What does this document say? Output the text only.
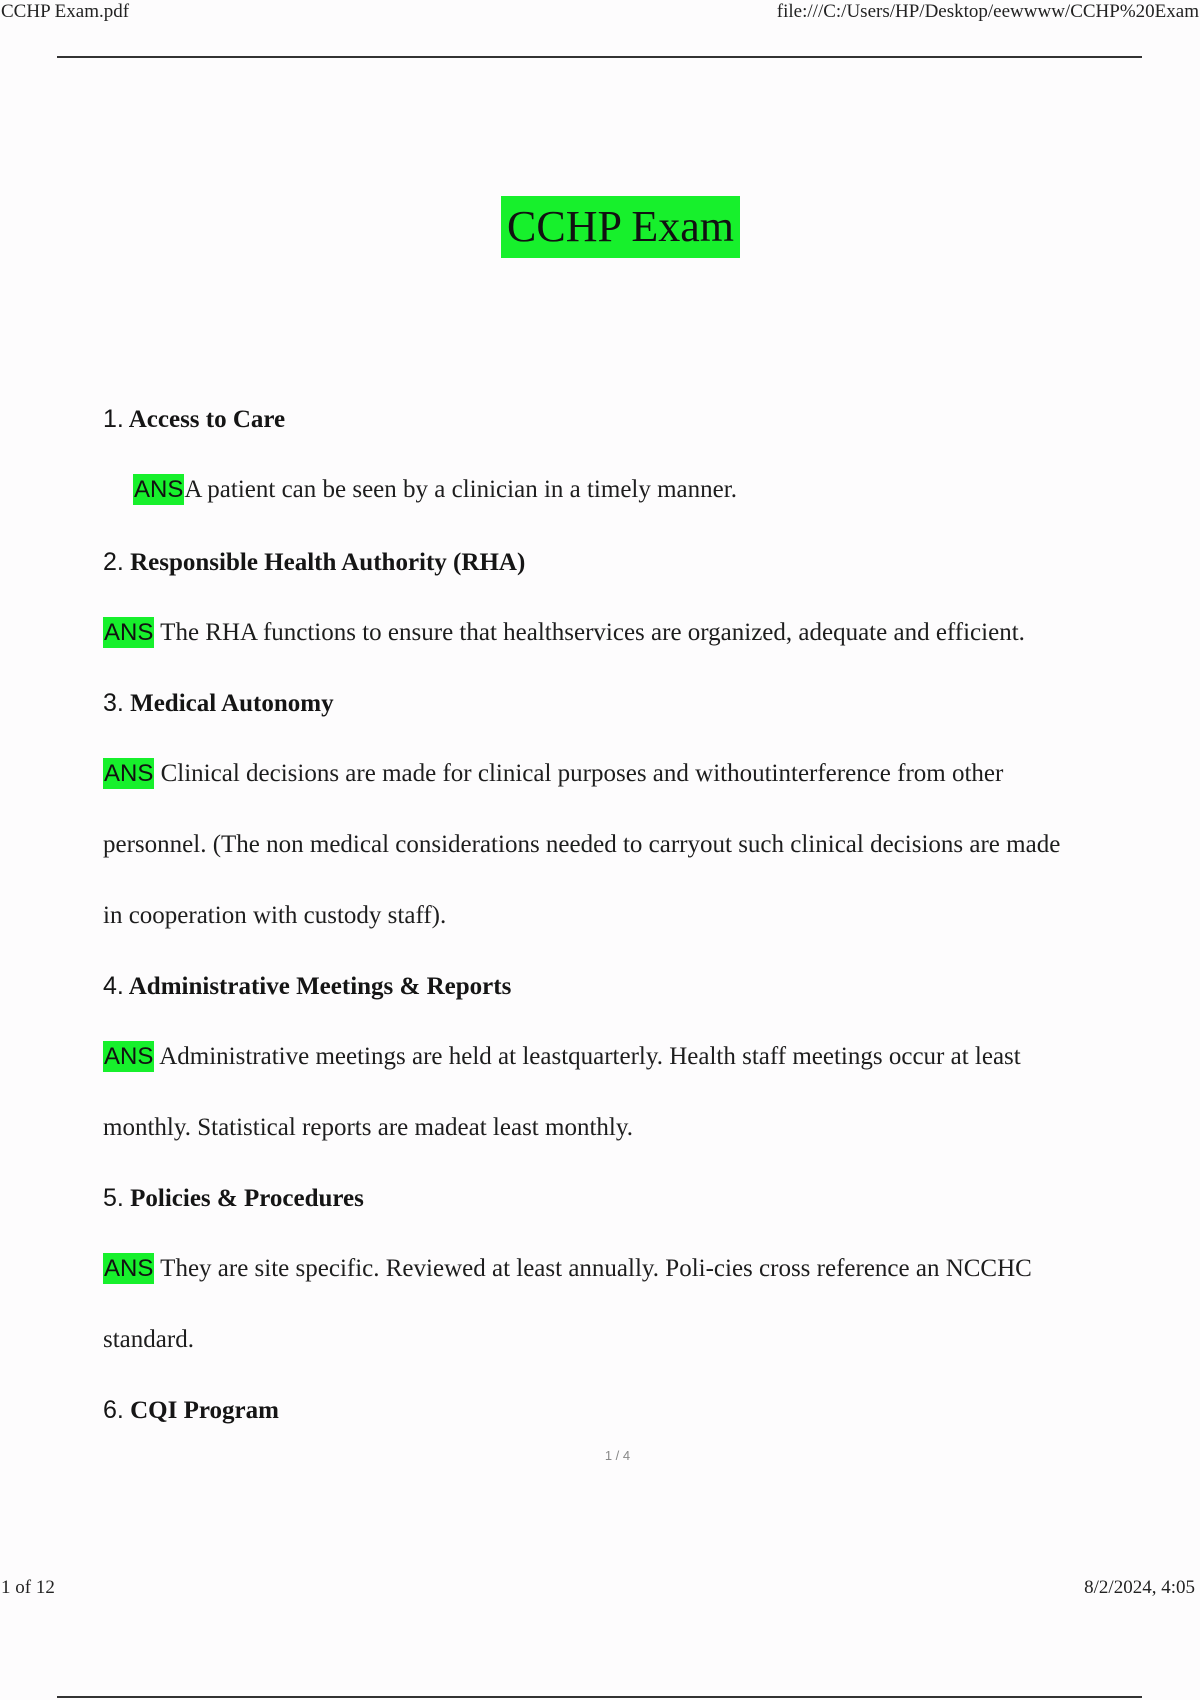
CCHP Exam.pdf	file:///C:/Users/HP/Desktop/eewwww/CCHP%20Exam
CCHP Exam
1. Access to Care
ANSA patient can be seen by a clinician in a timely manner.
2. Responsible Health Authority (RHA)
ANS The RHA functions to ensure that healthservices are organized, adequate and efficient.
3. Medical Autonomy
ANS Clinical decisions are made for clinical purposes and withoutinterference from other
personnel. (The non medical considerations needed to carryout such clinical decisions are made
in cooperation with custody staff).
4. Administrative Meetings & Reports
ANS Administrative meetings are held at leastquarterly. Health staff meetings occur at least
monthly. Statistical reports are madeat least monthly.
5. Policies & Procedures
ANS They are site specific. Reviewed at least annually. Poli-cies cross reference an NCCHC
standard.
6. CQI Program
1 / 4
1 of 12	8/2/2024, 4:05
